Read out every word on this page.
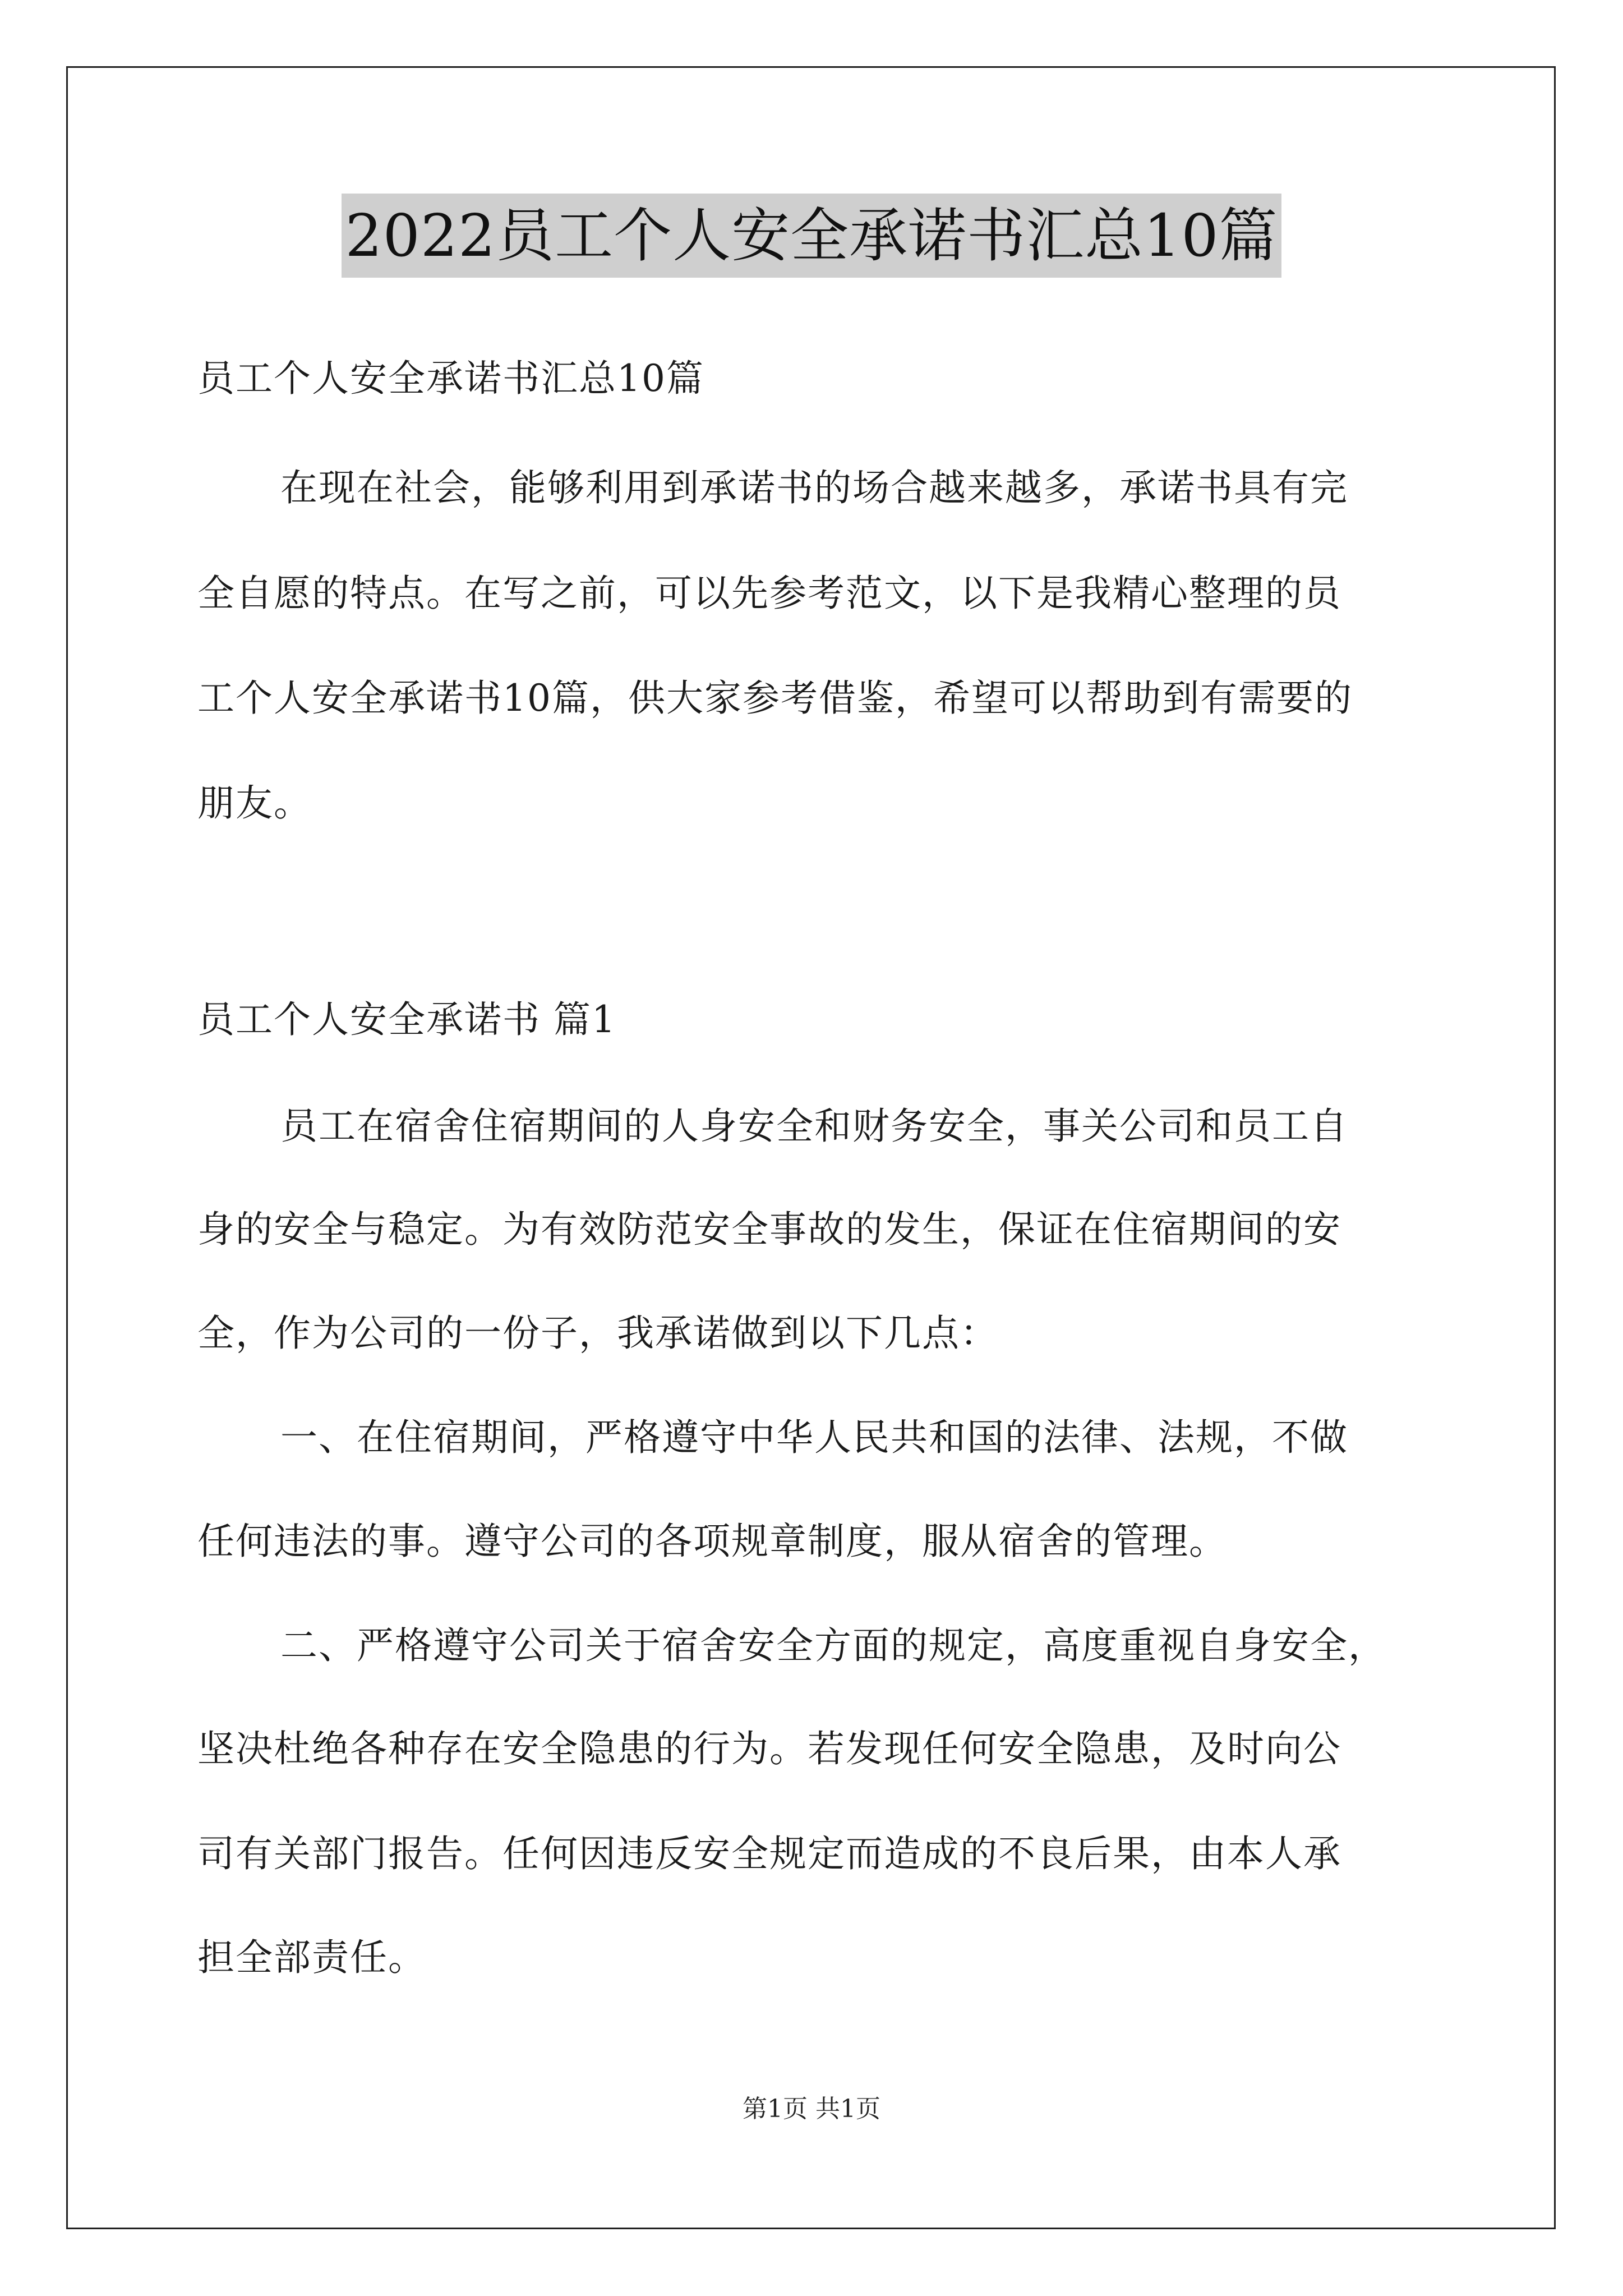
2022员工个人安全承诺书汇总10篇
员工个人安全承诺书汇总10篇
在现在社会，能够利用到承诺书的场合越来越多，承诺书具有完
全自愿的特点。在写之前，可以先参考范文，以下是我精心整理的员
工个人安全承诺书10篇，供大家参考借鉴，希望可以帮助到有需要的
朋友。
员工个人安全承诺书 篇1
员工在宿舍住宿期间的人身安全和财务安全，事关公司和员工自
身的安全与稳定。为有效防范安全事故的发生，保证在住宿期间的安
全，作为公司的一份子，我承诺做到以下几点：
一、在住宿期间，严格遵守中华人民共和国的法律、法规，不做
任何违法的事。遵守公司的各项规章制度，服从宿舍的管理。
二、严格遵守公司关于宿舍安全方面的规定，高度重视自身安全，
坚决杜绝各种存在安全隐患的行为。若发现任何安全隐患，及时向公
司有关部门报告。任何因违反安全规定而造成的不良后果，由本人承
担全部责任。
第1页 共1页
